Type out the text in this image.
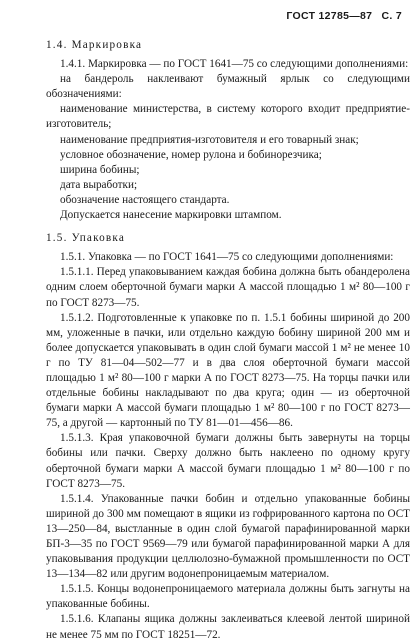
ГОСТ 12785—87 С. 7
1.4. Маркировка

1.4.1. Маркировка — по ГОСТ 1641—75 со следующими дополнениями:

на бандероль наклеивают бумажный ярлык со следующими обозначениями:

наименование министерства, в систему которого входит предприятие-изготовитель;

наименование предприятия-изготовителя и его товарный знак;

условное обозначение, номер рулона и бобинорезчика;

ширина бобины;

дата выработки;

обозначение настоящего стандарта.

Допускается нанесение маркировки штампом.

1.5. Упаковка

1.5.1. Упаковка — по ГОСТ 1641—75 со следующими дополнениями:

1.5.1.1. Перед упаковыванием каждая бобина должна быть обандеролена одним слоем оберточной бумаги марки А массой площадью 1 м² 80—100 г по ГОСТ 8273—75.

1.5.1.2. Подготовленные к упаковке по п. 1.5.1 бобины шириной до 200 мм, уложенные в пачки, или отдельно каждую бобину шириной 200 мм и более допускается упаковывать в один слой бумаги массой 1 м² не менее 10 г по ТУ 81—04—502—77 и в два слоя оберточной бумаги массой площадью 1 м² 80—100 г марки А по ГОСТ 8273—75. На торцы пачки или отдельные бобины накладывают по два круга; один — из оберточной бумаги марки А массой бумаги площадью 1 м² 80—100 г по ГОСТ 8273—75, а другой — картонный по ТУ 81—01—456—86.

1.5.1.3. Края упаковочной бумаги должны быть завернуты на торцы бобины или пачки. Сверху должно быть наклеено по одному кругу оберточной бумаги марки А массой бумаги площадью 1 м² 80—100 г по ГОСТ 8273—75.

1.5.1.4. Упакованные пачки бобин и отдельно упакованные бобины шириной до 300 мм помещают в ящики из гофрированного картона по ОСТ 13—250—84, выстланные в один слой бумагой парафинированной марки БП-3—35 по ГОСТ 9569—79 или бумагой парафинированной марки А для упаковывания продукции целлюлозно-бумажной промышленности по ОСТ 13—134—82 или другим водонепроницаемым материалом.

1.5.1.5. Концы водонепроницаемого материала должны быть загнуты на упакованные бобины.

1.5.1.6. Клапаны ящика должны заклеиваться клеевой лентой шириной не менее 75 мм по ГОСТ 18251—72.
